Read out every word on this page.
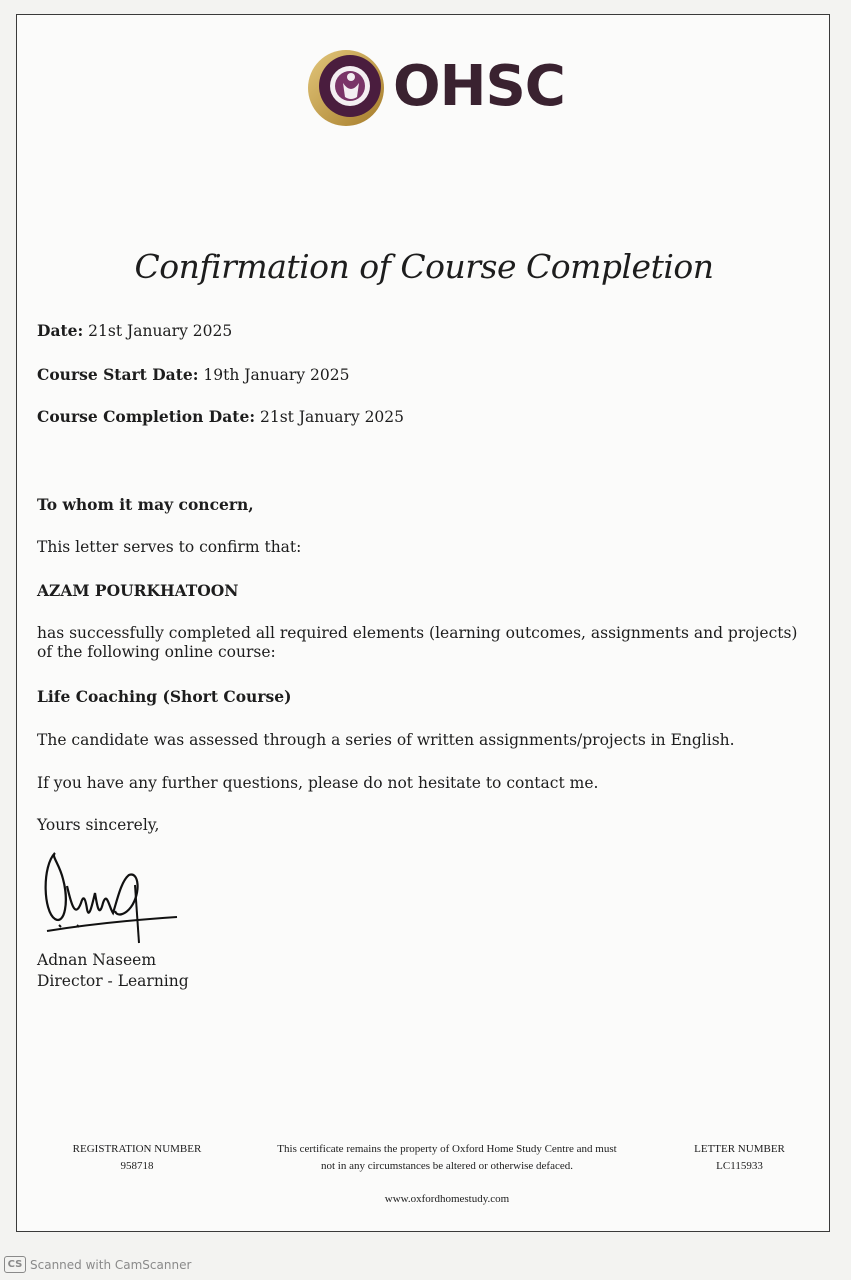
OHSC
Confirmation of Course Completion
Date: 21st January 2025
Course Start Date: 19th January 2025
Course Completion Date: 21st January 2025
To whom it may concern,
This letter serves to confirm that:
AZAM POURKHATOON
has successfully completed all required elements (learning outcomes, assignments and projects) of the following online course:
Life Coaching (Short Course)
The candidate was assessed through a series of written assignments/projects in English.
If you have any further questions, please do not hesitate to contact me.
Yours sincerely,
Adnan Naseem
Director - Learning
REGISTRATION NUMBER
958718
This certificate remains the property of Oxford Home Study Centre and must
not in any circumstances be altered or otherwise defaced.
LETTER NUMBER
LC115933
www.oxfordhomestudy.com
CS Scanned with CamScanner
